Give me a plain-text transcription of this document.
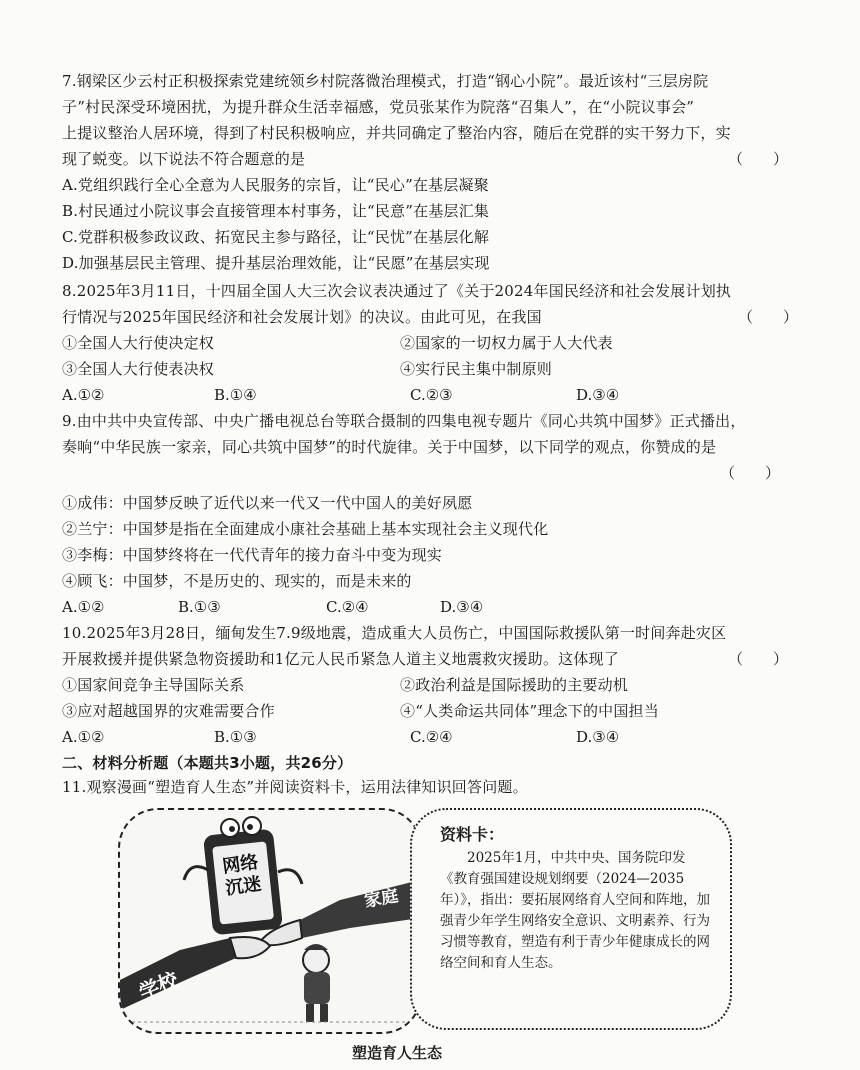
7.钢梁区少云村正积极探索党建统领乡村院落微治理模式，打造“钢心小院”。最近该村“三层房院
子”村民深受环境困扰，为提升群众生活幸福感，党员张某作为院落“召集人”，在“小院议事会”
上提议整治人居环境，得到了村民积极响应，并共同确定了整治内容，随后在党群的实干努力下，实
现了蜕变。以下说法不符合题意的是	（　　）
A.党组织践行全心全意为人民服务的宗旨，让“民心”在基层凝聚
B.村民通过小院议事会直接管理本村事务，让“民意”在基层汇集
C.党群积极参政议政、拓宽民主参与路径，让“民忧”在基层化解
D.加强基层民主管理、提升基层治理效能，让“民愿”在基层实现
8.2025年3月11日，十四届全国人大三次会议表决通过了《关于2024年国民经济和社会发展计划执
行情况与2025年国民经济和社会发展计划》的决议。由此可见，在我国	（　　）
①全国人大行使决定权	②国家的一切权力属于人大代表
③全国人大行使表决权	④实行民主集中制原则
A.①②	B.①④	C.②③	D.③④
9.由中共中央宣传部、中央广播电视总台等联合摄制的四集电视专题片《同心共筑中国梦》正式播出，
奏响“中华民族一家亲，同心共筑中国梦”的时代旋律。关于中国梦，以下同学的观点，你赞成的是
（　　）
①成伟：中国梦反映了近代以来一代又一代中国人的美好夙愿
②兰宁：中国梦是指在全面建成小康社会基础上基本实现社会主义现代化
③李梅：中国梦终将在一代代青年的接力奋斗中变为现实
④顾飞：中国梦，不是历史的、现实的，而是未来的
A.①②	B.①③	C.②④	D.③④
10.2025年3月28日，缅甸发生7.9级地震，造成重大人员伤亡，中国国际救援队第一时间奔赴灾区
开展救援并提供紧急物资援助和1亿元人民币紧急人道主义地震救灾援助。这体现了	（　　）
①国家间竞争主导国际关系	②政治利益是国际援助的主要动机
③应对超越国界的灾难需要合作	④“人类命运共同体”理念下的中国担当
A.①②	B.①③	C.②④	D.③④
二、材料分析题（本题共3小题，共26分）
11.观察漫画“塑造育人生态”并阅读资料卡，运用法律知识回答问题。
网络
沉迷	家庭
学校
资料卡：
2025年1月，中共中央、国务院印发《教育强国建设规划纲要（2024—2035年）》，指出：要拓展网络育人空间和阵地，加强青少年学生网络安全意识、文明素养、行为习惯等教育，塑造有利于青少年健康成长的网络空间和育人生态。
塑造育人生态
